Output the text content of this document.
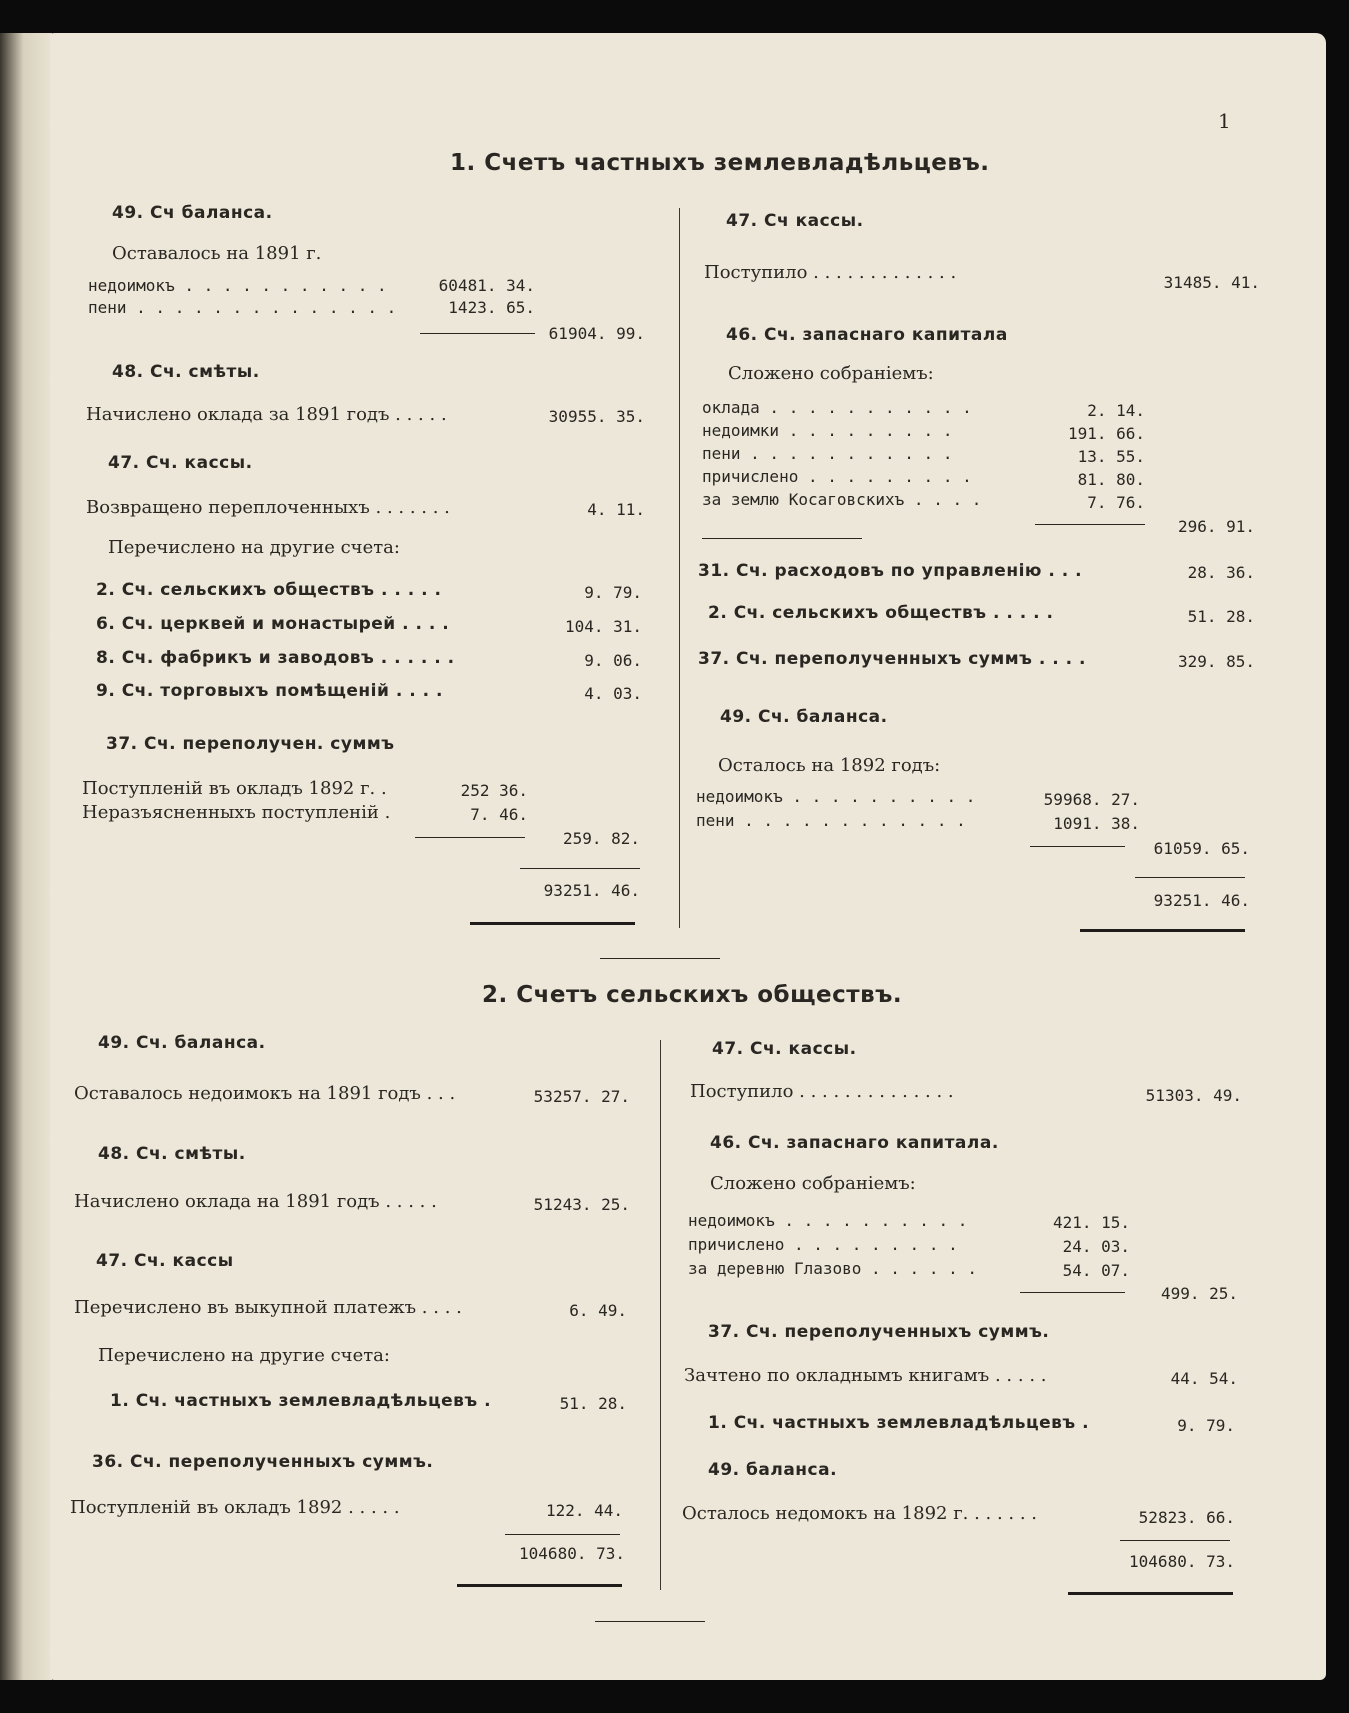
1
1. Счетъ частныхъ землевладѣльцевъ.
49. Сч баланса.
Оставалось на 1891 г.
недоимокъ . . . . . . . . . . .	60481. 34.
пени . . . . . . . . . . . . . .	1423. 65.
61904. 99.
48. Сч. смѣты.
Начислено оклада за 1891 годъ . . . . .	30955. 35.
47. Сч. кассы.
Возвращено переплоченныхъ . . . . . . .	4. 11.
Перечислено на другие счета:
2. Сч. сельскихъ обществъ . . . . .	9. 79.
6. Сч. церквей и монастырей . . . .	104. 31.
8. Сч. фабрикъ и заводовъ . . . . . .	9. 06.
9. Сч. торговыхъ помѣщеній . . . .	4. 03.
37. Сч. переполучен. суммъ
Поступленій въ окладъ 1892 г. .	252 36.
Неразъясненныхъ поступленій .	7. 46.
259. 82.
93251. 46.
47. Сч кассы.
Поступило . . . . . . . . . . . . .	31485. 41.
46. Сч. запаснаго капитала
Сложено собраніемъ:
оклада . . . . . . . . . . .	2. 14.
недоимки . . . . . . . . .	191. 66.
пени . . . . . . . . . . .	13. 55.
причислено . . . . . . . . .	81. 80.
за землю Косаговскихъ . . . .	7. 76.
296. 91.
31. Сч. расходовъ по управленію . . .	28. 36.
2. Сч. сельскихъ обществъ . . . . .	51. 28.
37. Сч. переполученныхъ суммъ . . . .	329. 85.
49. Сч. баланса.
Осталось на 1892 годъ:
недоимокъ . . . . . . . . . .	59968. 27.
пени . . . . . . . . . . . .	1091. 38.
61059. 65.
93251. 46.
2. Счетъ сельскихъ обществъ.
49. Сч. баланса.
Оставалось недоимокъ на 1891 годъ . . .	53257. 27.
48. Сч. смѣты.
Начислено оклада на 1891 годъ . . . . .	51243. 25.
47. Сч. кассы
Перечислено въ выкупной платежъ . . . .	6. 49.
Перечислено на другие счета:
1. Сч. частныхъ землевладѣльцевъ .	51. 28.
36. Сч. переполученныхъ суммъ.
Поступленій въ окладъ 1892 . . . . .	122. 44.
104680. 73.
47. Сч. кассы.
Поступило . . . . . . . . . . . . . .	51303. 49.
46. Сч. запаснаго капитала.
Сложено собраніемъ:
недоимокъ . . . . . . . . . .	421. 15.
причислено . . . . . . . . .	24. 03.
за деревню Глазово . . . . . .	54. 07.
499. 25.
37. Сч. переполученныхъ суммъ.
Зачтено по окладнымъ книгамъ . . . . .	44. 54.
1. Сч. частныхъ землевладѣльцевъ .	9. 79.
49. баланса.
Осталось недомокъ на 1892 г. . . . . . .	52823. 66.
104680. 73.
